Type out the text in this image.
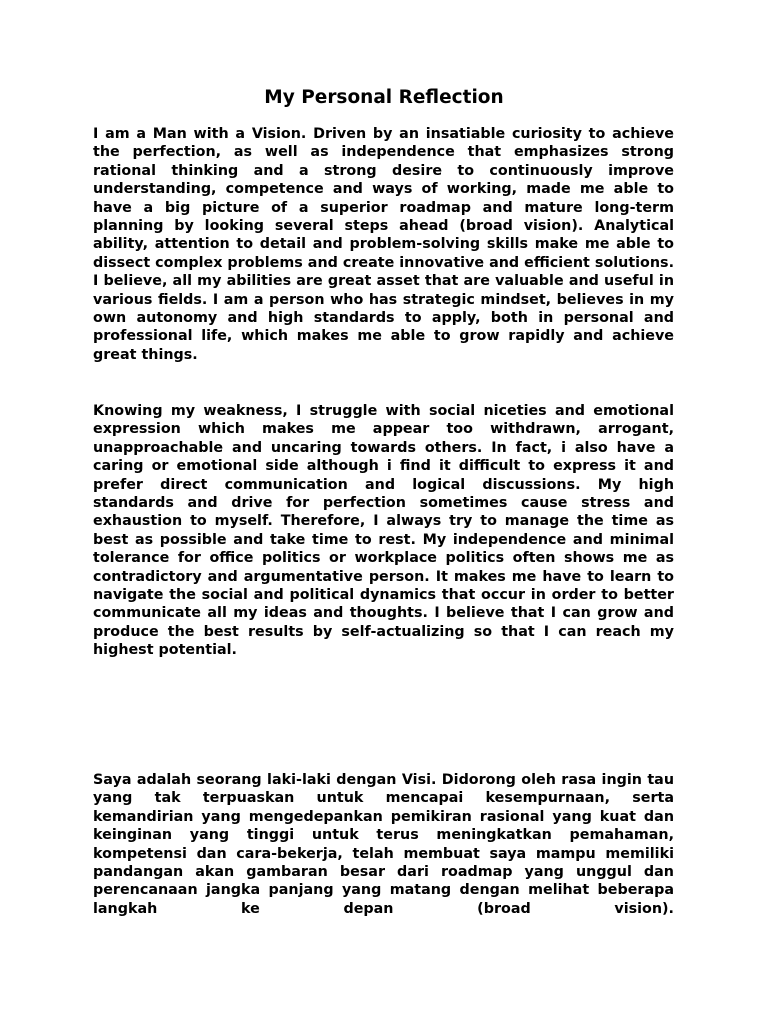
My Personal Reflection

I am a Man with a Vision. Driven by an insatiable curiosity to achieve the perfection, as well as independence that emphasizes strong rational thinking and a strong desire to continuously improve understanding, competence and ways of working, made me able to have a big picture of a superior roadmap and mature long-term planning by looking several steps ahead (broad vision). Analytical ability, attention to detail and problem-solving skills make me able to dissect complex problems and create innovative and efficient solutions. I believe, all my abilities are great asset that are valuable and useful in various fields. I am a person who has strategic mindset, believes in my own autonomy and high standards to apply, both in personal and professional life, which makes me able to grow rapidly and achieve great things.

Knowing my weakness, I struggle with social niceties and emotional expression which makes me appear too withdrawn, arrogant, unapproachable and uncaring towards others. In fact, i also have a caring or emotional side although i find it difficult to express it and prefer direct communication and logical discussions. My high standards and drive for perfection sometimes cause stress and exhaustion to myself. Therefore, I always try to manage the time as best as possible and take time to rest. My independence and minimal tolerance for office politics or workplace politics often shows me as contradictory and argumentative person. It makes me have to learn to navigate the social and political dynamics that occur in order to better communicate all my ideas and thoughts. I believe that I can grow and produce the best results by self-actualizing so that I can reach my highest potential.

Saya adalah seorang laki-laki dengan Visi. Didorong oleh rasa ingin tau yang tak terpuaskan untuk mencapai kesempurnaan, serta kemandirian yang mengedepankan pemikiran rasional yang kuat dan keinginan yang tinggi untuk terus meningkatkan pemahaman, kompetensi dan cara-bekerja, telah membuat saya mampu memiliki pandangan akan gambaran besar dari roadmap yang unggul dan perencanaan jangka panjang yang matang dengan melihat beberapa langkah ke depan (broad vision).
